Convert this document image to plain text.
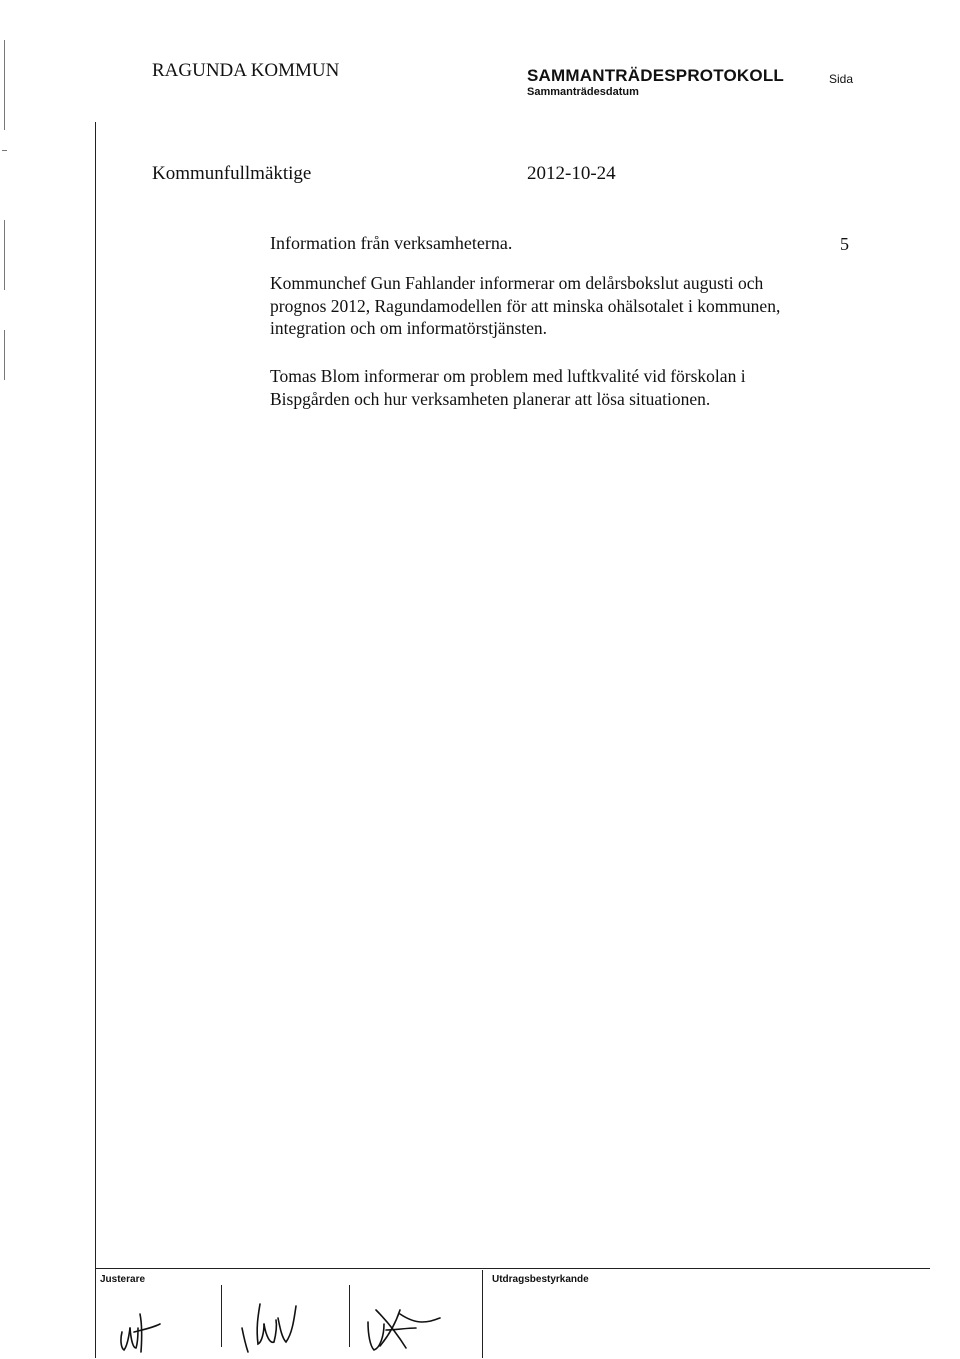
RAGUNDA KOMMUN	SAMMANTRÄDESPROTOKOLL
Sammanträdesdatum
Sida
Kommunfullmäktige	2012-10-24
5
Information från verksamheterna.
Kommunchef Gun Fahlander informerar om delårsbokslut augusti och
prognos 2012, Ragundamodellen för att minska ohälsotalet i kommunen,
integration och om informatörstjänsten.
Tomas Blom informerar om problem med luftkvalité vid förskolan i
Bispgården och hur verksamheten planerar att lösa situationen.
Justerare	Utdragsbestyrkande
